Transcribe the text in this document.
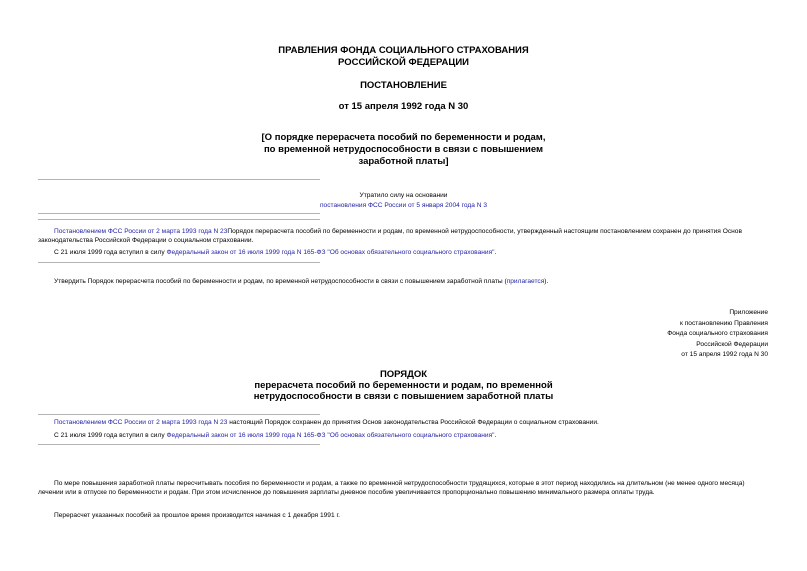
ПРАВЛЕНИЯ ФОНДА СОЦИАЛЬНОГО СТРАХОВАНИЯ
РОССИЙСКОЙ ФЕДЕРАЦИИ
ПОСТАНОВЛЕНИЕ
от 15 апреля 1992 года N 30
[О порядке перерасчета пособий по беременности и родам,
по временной нетрудоспособности в связи с повышением
заработной платы]
Утратило силу на основании
постановления ФСС России от 5 января 2004 года N 3
Постановлением ФСС России от 2 марта 1993 года N 23Порядок перерасчета пособий по беременности и родам, по временной нетрудоспособности, утвержденный настоящим постановлением сохранен до принятия Основ законодательства Российской Федерации о социальном страховании.
С 21 июля 1999 года вступил в силу Федеральный закон от 16 июля 1999 года N 165-ФЗ "Об основах обязательного социального страхования".
Утвердить Порядок перерасчета пособий по беременности и родам, по временной нетрудоспособности в связи с повышением заработной платы (прилагается).
Приложение
к постановлению Правления
Фонда социального страхования
Российской Федерации
от 15 апреля 1992 года N 30
ПОРЯДОК
перерасчета пособий по беременности и родам, по временной
нетрудоспособности в связи с повышением заработной платы
Постановлением ФСС России от 2 марта 1993 года N 23 настоящий Порядок сохранен до принятия Основ законодательства Российской Федерации о социальном страховании.
С 21 июля 1999 года вступил в силу Федеральный закон от 16 июля 1999 года N 165-ФЗ "Об основах обязательного социального страхования".
По мере повышения заработной платы пересчитывать пособия по беременности и родам, а также по временной нетрудоспособности трудящихся, которые в этот период находились на длительном (не менее одного месяца) лечении или в отпуске по беременности и родам. При этом исчисленное до повышения зарплаты дневное пособие увеличивается пропорционально повышению минимального размера оплаты труда.
Перерасчет указанных пособий за прошлое время производится начиная с 1 декабря 1991 г.
